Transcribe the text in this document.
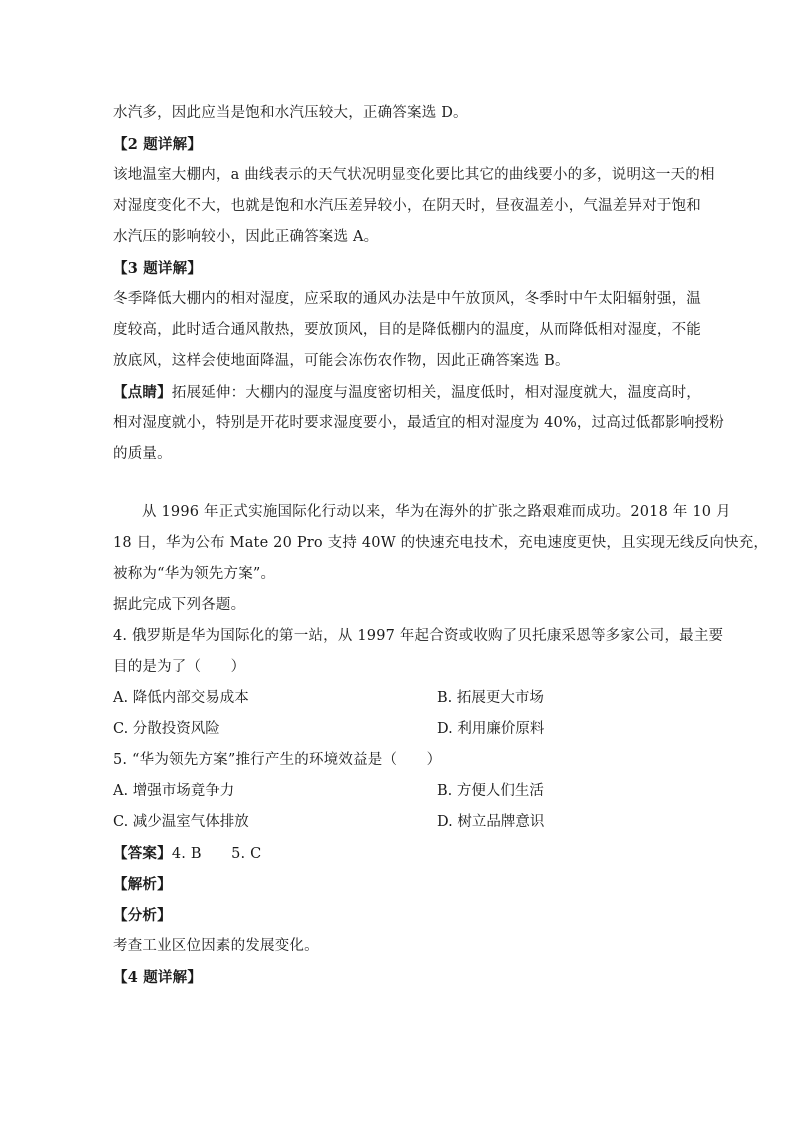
水汽多，因此应当是饱和水汽压较大，正确答案选 D。
【2 题详解】
该地温室大棚内，a 曲线表示的天气状况明显变化要比其它的曲线要小的多，说明这一天的相
对湿度变化不大，也就是饱和水汽压差异较小，在阴天时，昼夜温差小，气温差异对于饱和
水汽压的影响较小，因此正确答案选 A。
【3 题详解】
冬季降低大棚内的相对湿度，应采取的通风办法是中午放顶风，冬季时中午太阳辐射强，温
度较高，此时适合通风散热，要放顶风，目的是降低棚内的温度，从而降低相对湿度，不能
放底风，这样会使地面降温，可能会冻伤农作物，因此正确答案选 B。
【点睛】拓展延伸：大棚内的湿度与温度密切相关，温度低时，相对湿度就大，温度高时，
相对湿度就小，特别是开花时要求湿度要小，最适宜的相对湿度为 40%，过高过低都影响授粉
的质量。
从 1996 年正式实施国际化行动以来，华为在海外的扩张之路艰难而成功。2018 年 10 月
18 日，华为公布 Mate 20 Pro 支持 40W 的快速充电技术，充电速度更快，且实现无线反向快充，
被称为“华为领先方案”。
据此完成下列各题。
4. 俄罗斯是华为国际化的第一站，从 1997 年起合资或收购了贝托康采恩等多家公司，最主要
目的是为了（　　）
A. 降低内部交易成本	B. 拓展更大市场
C. 分散投资风险	D. 利用廉价原料
5. “华为领先方案”推行产生的环境效益是（　　）
A. 增强市场竟争力	B. 方便人们生活
C. 减少温室气体排放	D. 树立品牌意识
【答案】4. B　　5. C
【解析】
【分析】
考查工业区位因素的发展变化。
【4 题详解】
